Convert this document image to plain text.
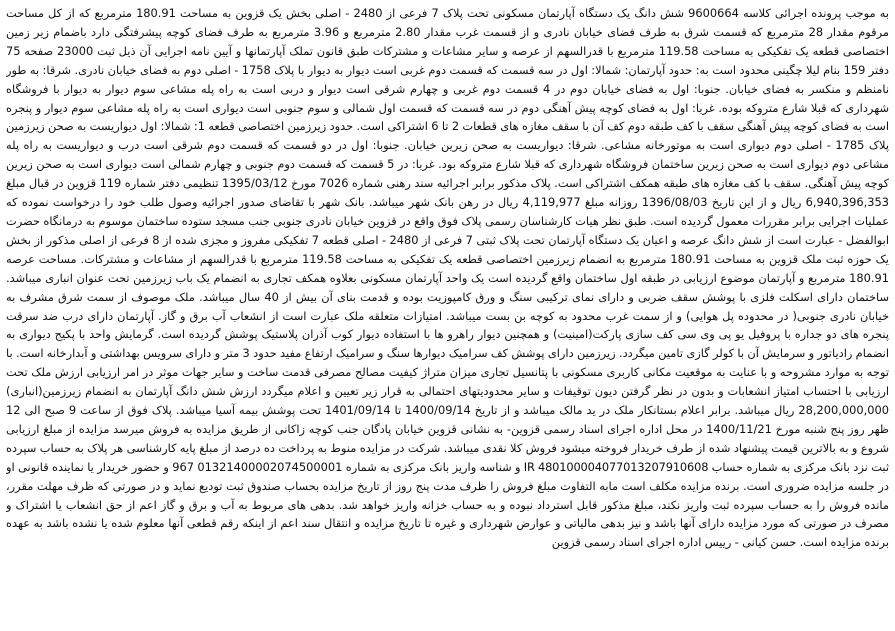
به موجب پرونده اجرائی کلاسه 9600664 شش دانگ یک دستگاه آپارتمان مسکونی تحت پلاک 7 فرعی از 2480 - اصلی بخش یک قزوین به مساحت 180.91 مترمربع که از کل مساحت مرقوم مقدار 28 مترمربع که قسمت شرق به طرف فضای خیابان نادری و از قسمت غرب مقدار 2.80 مترمربع و 3.96 مترمربع به طرف فضای کوچه پیشرفتگی دارد باضمام زیر زمین اختصاصی قطعه یک تفکیکی به مساحت 119.58 مترمربع با قدرالسهم از عرصه و سایر مشاعات و مشترکات طبق قانون تملک آپارتمانها و آیین نامه اجرایی آن ذیل ثبت 23000 صفحه 75 دفتر 159 بنام لیلا چگینی محدود است به: حدود آپارتمان: شمالا: اول در سه قسمت که قسمت دوم غربی است دیوار به دیوار با پلاک 1758 - اصلی دوم به فضای خیابان نادری. شرقا: به طور نامنظم و منکسر به فضای خیابان. جنوبا: اول به فضای خیابان دوم در 4 قسمت دوم غربی و چهارم شرقی است دیوار و دربی است به راه پله مشاعی سوم دیوار به دیوار با فروشگاه شهرداری که قبلا شارع متروکه بوده. غربا: اول به فضای کوچه پیش آهنگی دوم در سه قسمت که قسمت اول شمالی و سوم جنوبی است دیواری است به راه پله مشاعی سوم دیوار و پنجره است به فضای کوچه پیش آهنگی سقف با کف طبقه دوم کف آن با سقف مغازه های قطعات 2 تا 6 اشتراکی است. حدود زیرزمین اختصاصی قطعه 1: شمالا: اول دیواریست به صحن زیرزمین پلاک 1785 - اصلی دوم دیواری است به موتورخانه مشاعی. شرقا: دیواریست به صحن زیرین خیابان. جنوبا: اول در دو قسمت که قسمت دوم شرقی است درب و دیواریست به راه پله مشاعی دوم دیواری است به صحن زیرین ساختمان فروشگاه شهرداری که قبلا شارع متروکه بود. غربا: در 5 قسمت که قسمت دوم جنوبی و چهارم شمالی است دیواری است به صحن زیرین کوچه پیش آهنگی. سقف با کف مغازه های طبقه همکف اشتراکی است. پلاک مذکور برابر اجرائیه سند رهنی شماره 7026 مورخ 1395/03/12 تنظیمی دفتر شماره 119 قزوین در قبال مبلغ 6,940,396,353 ریال و از این تاریخ 1396/08/03 روزانه مبلغ 4,119,977 ریال در رهن بانک شهر میباشد. بانک شهر با تقاضای صدور اجرائیه وصول طلب خود را درخواست نموده که عملیات اجرایی برابر مقررات معمول گردیده است. طبق نظر هیات کارشناسان رسمی پلاک فوق واقع در قزوین خیابان نادری جنوبی جنب مسجد ستوده ساختمان موسوم به درمانگاه حضرت ابوالفضل - عبارت است از شش دانگ عرصه و اعیان یک دستگاه آپارتمان تحت پلاک ثبتی 7 فرعی از 2480 - اصلی قطعه 7 تفکیکی مفروز و مجزی شده از 8 فرعی از اصلی مذکور از بخش یک حوزه ثبت ملک قزوین به مساحت 180.91 مترمربع به انضمام زیرزمین اختصاصی قطعه یک تفکیکی به مساحت 119.58 مترمربع با قدرالسهم از مشاعات و مشترکات. مساحت عرصه 180.91 مترمربع و آپارتمان موضوع ارزیابی در طبقه اول ساختمان واقع گردیده است یک واحد آپارتمان مسکونی بعلاوه همکف تجاری به انضمام یک باب زیرزمین تحت عنوان انباری میباشد. ساختمان دارای اسکلت فلزی با پوشش سقف ضربی و دارای نمای ترکیبی سنگ و ورق کامپوزیت بوده و قدمت بنای آن بیش از 40 سال میباشد. ملک موصوف از سمت شرق مشرف به خیابان نادری جنوبی( در محدوده پل هوایی) و از سمت غرب محدود به کوچه بن بست میباشد. امتیازات متعلقه ملک عبارت است از انشعاب آب برق و گاز. آپارتمان دارای درب ضد سرقت پنجره های دو جداره با پروفیل یو پی وی سی کف سازی پارکت(امینیت) و همچنین دیوار راهرو ها با استفاده دیوار کوب آذران پلاستیک پوشش گردیده است. گرمایش واحد با پکیج دیواری به انضمام رادیاتور و سرمایش آن با کولر گازی تامین میگردد. زیرزمین دارای پوشش کف سرامیک دیوارها سنگ و سرامیک ارتفاع مفید حدود 3 متر و دارای سرویس بهداشتی و آبدارخانه است. با توجه به موارد مشروحه و با عنایت به موقعیت مکانی کاربری مسکونی با پتانسیل تجاری میزان متراژ کیفیت مصالح مصرفی قدمت ساخت و سایر جهات موثر در امر ارزیابی ارزش ملک تحت ارزیابی با احتساب امتیاز انشعابات و بدون در نظر گرفتن دیون توقیفات و سایر محدودیتهای احتمالی به قرار زیر تعیین و اعلام میگردد ارزش شش دانگ آپارتمان به انضمام زیرزمین(انباری) 28,200,000,000 ریال میباشد. برابر اعلام بستانکار ملک در ید مالک میباشد و از تاریخ 1400/09/14 تا 1401/09/14 تحت پوشش بیمه آسیا میباشد. پلاک فوق از ساعت 9 صبح الی 12 ظهر روز پنج شنبه مورخ 1400/11/21 در محل اداره اجرای اسناد رسمی قزوین- به نشانی قزوین خیابان پادگان جنب کوچه زاکانی از طریق مزایده به فروش میرسد مزایده از مبلغ ارزیابی شروع و به بالاترین قیمت پیشنهاد شده از طرف خریدار فروخته میشود فروش کلا نقدی میباشد. شرکت در مزایده منوط به پرداخت ده درصد از مبلغ پایه کارشناسی هر پلاک به حساب سپرده ثبت نزد بانک مرکزی به شماره حساب IR 480100004077013207910608 و شناسه واریز بانک مرکزی به شماره 01321400002074500001 967 و حضور خریدار یا نماینده قانونی او در جلسه مزایده ضروری است. برنده مزایده مکلف است مابه التفاوت مبلغ فروش را ظرف مدت پنج روز از تاریخ مزایده بحساب صندوق ثبت تودیع نماید و در صورتی که ظرف مهلت مقرر، مانده فروش را به حساب سپرده ثبت واریز نکند، مبلغ مذکور قابل استرداد نبوده و به حساب خزانه واریز خواهد شد. بدهی های مربوط به آب و برق و گاز اعم از حق انشعاب یا اشتراک و مصرف در صورتی که مورد مزایده دارای آنها باشد و نیز بدهی مالیاتی و عوارض شهرداری و غیره تا تاریخ مزایده و انتقال سند اعم از اینکه رقم قطعی آنها معلوم شده یا نشده باشد به عهده برنده مزایده است. حسن کیانی - رییس اداره اجرای اسناد رسمی قزوین
